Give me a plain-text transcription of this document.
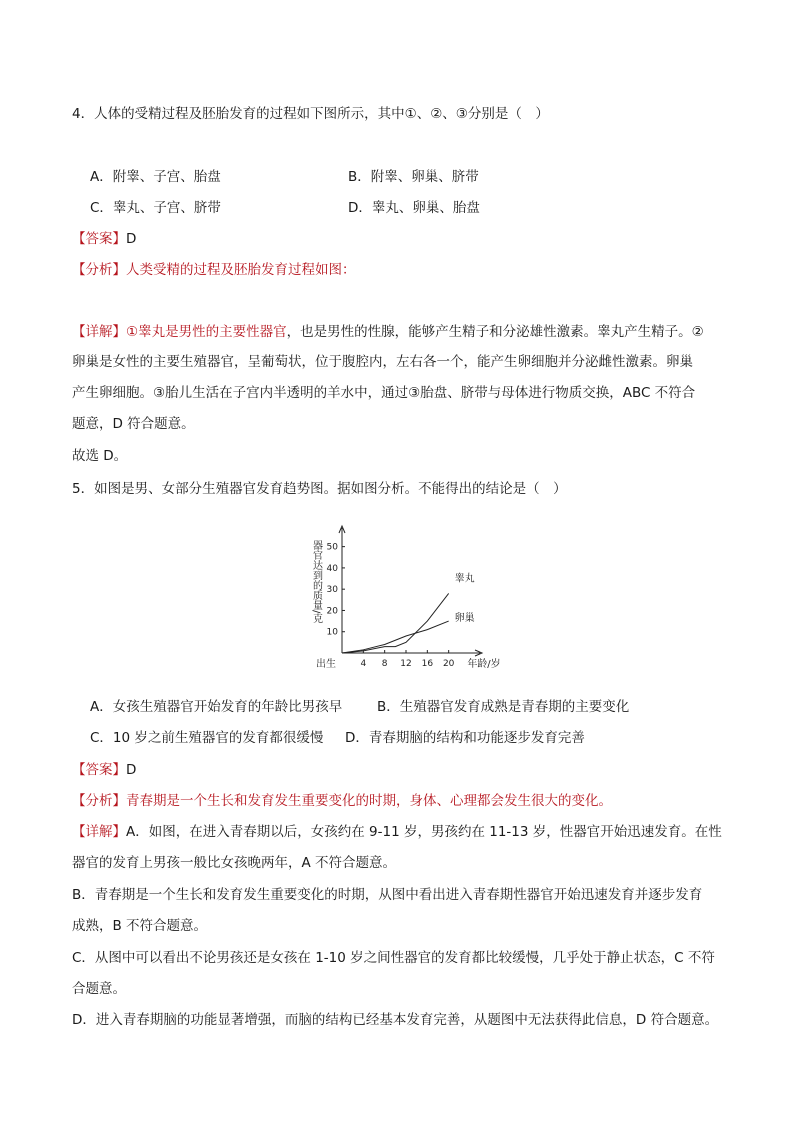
4．人体的受精过程及胚胎发育的过程如下图所示，其中①、②、③分别是（　）
A．附睾、子宫、胎盘	B．附睾、卵巢、脐带
C．睾丸、子宫、脐带	D．睾丸、卵巢、胎盘
【答案】D
【分析】人类受精的过程及胚胎发育过程如图：
【详解】①睾丸是男性的主要性器官，也是男性的性腺，能够产生精子和分泌雄性激素。睾丸产生精子。②
卵巢是女性的主要生殖器官，呈葡萄状，位于腹腔内，左右各一个，能产生卵细胞并分泌雌性激素。卵巢
产生卵细胞。③胎儿生活在子宫内半透明的羊水中，通过③胎盘、脐带与母体进行物质交换，ABC 不符合
题意，D 符合题意。
故选 D。
5．如图是男、女部分生殖器官发育趋势图。据如图分析。不能得出的结论是（　）
10
20
30
40
50
4 8 12 16 20
出生	年龄/岁
器官达到的质量/克	睾丸
卵巢
A．女孩生殖器官开始发育的年龄比男孩早	B．生殖器官发育成熟是青春期的主要变化
C．10 岁之前生殖器官的发育都很缓慢 D．青春期脑的结构和功能逐步发育完善
【答案】D
【分析】青春期是一个生长和发育发生重要变化的时期，身体、心理都会发生很大的变化。
【详解】A．如图，在进入青春期以后，女孩约在 9-11 岁，男孩约在 11-13 岁，性器官开始迅速发育。在性
器官的发育上男孩一般比女孩晚两年，A 不符合题意。
B．青春期是一个生长和发育发生重要变化的时期，从图中看出进入青春期性器官开始迅速发育并逐步发育
成熟，B 不符合题意。
C．从图中可以看出不论男孩还是女孩在 1-10 岁之间性器官的发育都比较缓慢，几乎处于静止状态，C 不符
合题意。
D．进入青春期脑的功能显著增强，而脑的结构已经基本发育完善，从题图中无法获得此信息，D 符合题意。
